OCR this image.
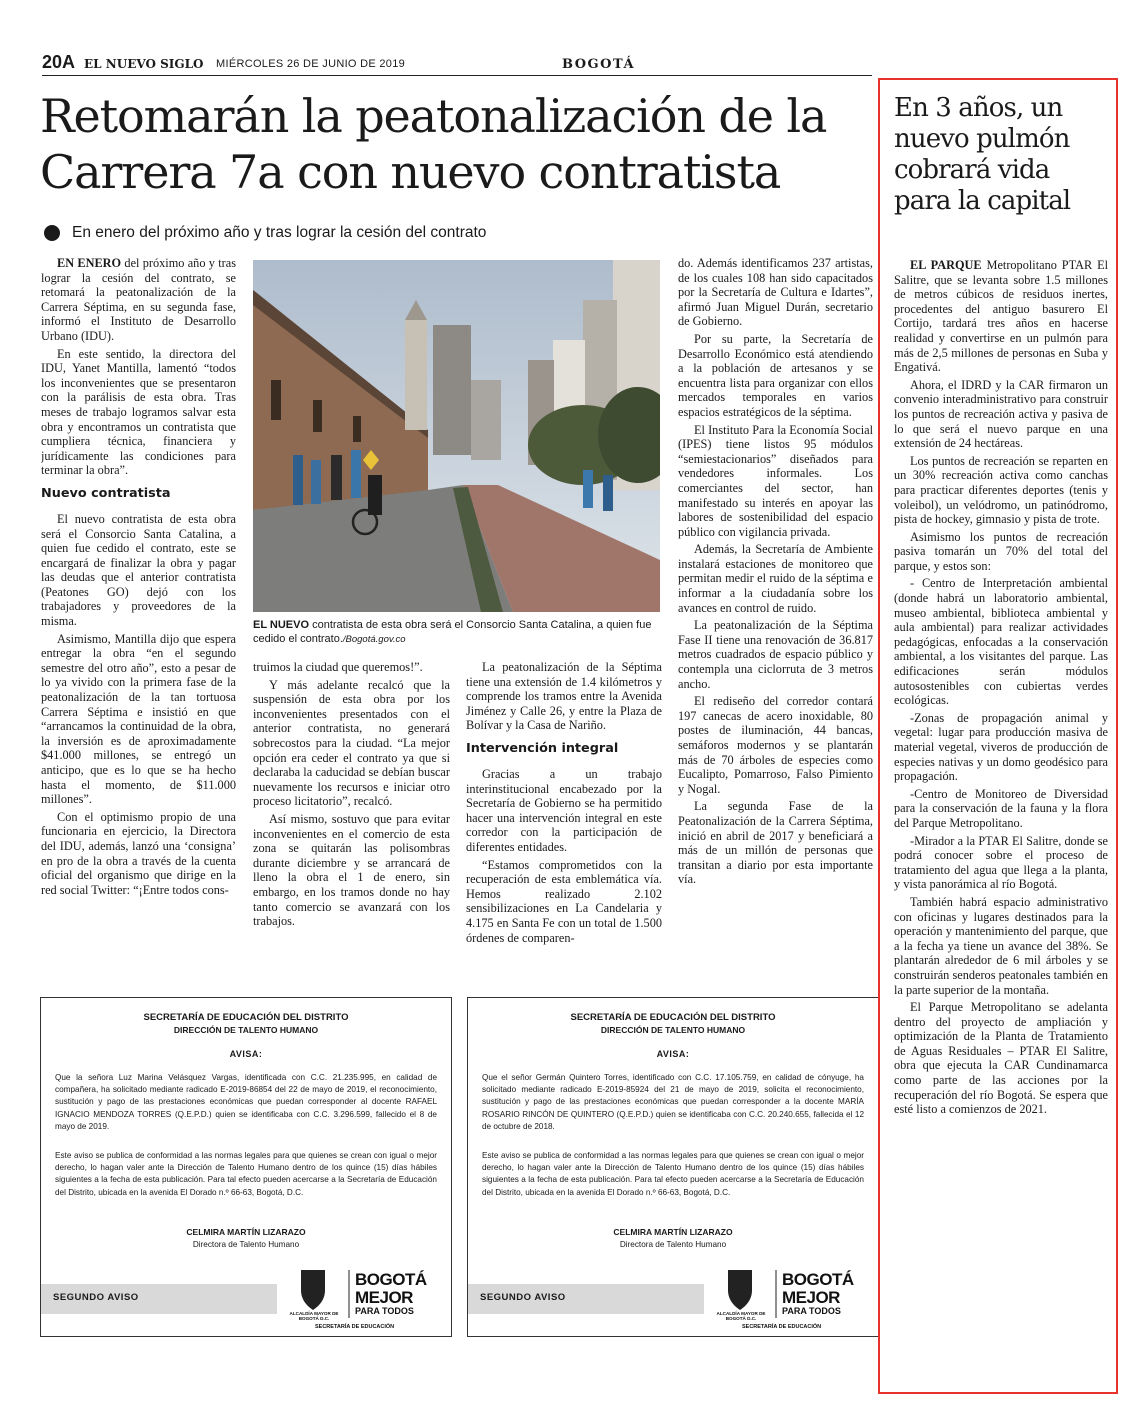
20A EL NUEVO SIGLO MIÉRCOLES 26 DE JUNIO DE 2019	BOGOTÁ
Retomarán la peatonalización de la Carrera 7a con nuevo contratista
En enero del próximo año y tras lograr la cesión del contrato

EN ENERO del próximo año y tras lograr la cesión del contrato, se retomará la peatonalización de la Carrera Séptima, en su segunda fase, informó el Instituto de Desarrollo Urbano (IDU).

En este sentido, la directora del IDU, Yanet Mantilla, lamentó “todos los inconvenientes que se presentaron con la parálisis de esta obra. Tras meses de trabajo logramos salvar esta obra y encontramos un contratista que cumpliera técnica, financiera y jurídicamente las condiciones para terminar la obra”.

Nuevo contratista

El nuevo contratista de esta obra será el Consorcio Santa Catalina, a quien fue cedido el contrato, este se encargará de finalizar la obra y pagar las deudas que el anterior contratista (Peatones GO) dejó con los trabajadores y proveedores de la misma.

Asimismo, Mantilla dijo que espera entregar la obra “en el segundo semestre del otro año”, esto a pesar de lo ya vivido con la primera fase de la peatonalización de la tan tortuosa Carrera Séptima e insistió en que “arrancamos la continuidad de la obra, la inversión es de aproximadamente $41.000 millones, se entregó un anticipo, que es lo que se ha hecho hasta el momento, de $11.000 millones”.

Con el optimismo propio de una funcionaria en ejercicio, la Directora del IDU, además, lanzó una ‘consigna’ en pro de la obra a través de la cuenta oficial del organismo que dirige en la red social Twitter: “¡Entre todos cons-

EL NUEVO contratista de esta obra será el Consorcio Santa Catalina, a quien fue cedido el contrato./Bogotá.gov.co

truimos la ciudad que queremos!”.

Y más adelante recalcó que la suspensión de esta obra por los inconvenientes presentados con el anterior contratista, no generará sobrecostos para la ciudad. “La mejor opción era ceder el contrato ya que si declaraba la caducidad se debían buscar nuevamente los recursos e iniciar otro proceso licitatorio”, recalcó.

Así mismo, sostuvo que para evitar inconvenientes en el comercio de esta zona se quitarán las polisombras durante diciembre y se arrancará de lleno la obra el 1 de enero, sin embargo, en los tramos donde no hay tanto comercio se avanzará con los trabajos.

La peatonalización de la Séptima tiene una extensión de 1.4 kilómetros y comprende los tramos entre la Avenida Jiménez y Calle 26, y entre la Plaza de Bolívar y la Casa de Nariño.

Intervención integral

Gracias a un trabajo interinstitucional encabezado por la Secretaría de Gobierno se ha permitido hacer una intervención integral en este corredor con la participación de diferentes entidades.

“Estamos comprometidos con la recuperación de esta emblemática vía. Hemos realizado 2.102 sensibilizaciones en La Candelaria y 4.175 en Santa Fe con un total de 1.500 órdenes de comparen-

do. Además identificamos 237 artistas, de los cuales 108 han sido capacitados por la Secretaría de Cultura e Idartes”, afirmó Juan Miguel Durán, secretario de Gobierno.

Por su parte, la Secretaría de Desarrollo Económico está atendiendo a la población de artesanos y se encuentra lista para organizar con ellos mercados temporales en varios espacios estratégicos de la séptima.

El Instituto Para la Economía Social (IPES) tiene listos 95 módulos “semiestacionarios” diseñados para vendedores informales. Los comerciantes del sector, han manifestado su interés en apoyar las labores de sostenibilidad del espacio público con vigilancia privada.

Además, la Secretaría de Ambiente instalará estaciones de monitoreo que permitan medir el ruido de la séptima e informar a la ciudadanía sobre los avances en control de ruido.

La peatonalización de la Séptima Fase II tiene una renovación de 36.817 metros cuadrados de espacio público y contempla una ciclorruta de 3 metros ancho.

El rediseño del corredor contará 197 canecas de acero inoxidable, 80 postes de iluminación, 44 bancas, semáforos modernos y se plantarán más de 70 árboles de especies como Eucalipto, Pomarroso, Falso Pimiento y Nogal.

La segunda Fase de la Peatonalización de la Carrera Séptima, inició en abril de 2017 y beneficiará a más de un millón de personas que transitan a diario por esta importante vía.

SECRETARÍA DE EDUCACIÓN DEL DISTRITO
DIRECCIÓN DE TALENTO HUMANO
AVISA:
Que la señora Luz Marina Velásquez Vargas, identificada con C.C. 21.235.995, en calidad de compañera, ha solicitado mediante radicado E-2019-86854 del 22 de mayo de 2019, el reconocimiento, sustitución y pago de las prestaciones económicas que puedan corresponder al docente RAFAEL IGNACIO MENDOZA TORRES (Q.E.P.D.) quien se identificaba con C.C. 3.296.599, fallecido el 8 de mayo de 2019.
Este aviso se publica de conformidad a las normas legales para que quienes se crean con igual o mejor derecho, lo hagan valer ante la Dirección de Talento Humano dentro de los quince (15) días hábiles siguientes a la fecha de esta publicación. Para tal efecto pueden acercarse a la Secretaría de Educación del Distrito, ubicada en la avenida El Dorado n.º 66-63, Bogotá, D.C.
CELMIRA MARTÍN LIZARAZO
Directora de Talento Humano
SEGUNDO AVISO
ALCALDÍA MAYOR DE BOGOTÁ D.C.
SECRETARÍA DE EDUCACIÓN
BOGOTÁ
MEJOR
PARA TODOS
SECRETARÍA DE EDUCACIÓN DEL DISTRITO
DIRECCIÓN DE TALENTO HUMANO
AVISA:
Que el señor Germán Quintero Torres, identificado con C.C. 17.105.759, en calidad de cónyuge, ha solicitado mediante radicado E-2019-85924 del 21 de mayo de 2019, solicita el reconocimiento, sustitución y pago de las prestaciones económicas que puedan corresponder a la docente MARÍA ROSARIO RINCÓN DE QUINTERO (Q.E.P.D.) quien se identificaba con C.C. 20.240.655, fallecida el 12 de octubre de 2018.
Este aviso se publica de conformidad a las normas legales para que quienes se crean con igual o mejor derecho, lo hagan valer ante la Dirección de Talento Humano dentro de los quince (15) días hábiles siguientes a la fecha de esta publicación. Para tal efecto pueden acercarse a la Secretaría de Educación del Distrito, ubicada en la avenida El Dorado n.º 66-63, Bogotá, D.C.
CELMIRA MARTÍN LIZARAZO
Directora de Talento Humano
SEGUNDO AVISO
ALCALDÍA MAYOR DE BOGOTÁ D.C.
SECRETARÍA DE EDUCACIÓN
BOGOTÁ
MEJOR
PARA TODOS
En 3 años, un nuevo pulmón cobrará vida para la capital

EL PARQUE Metropolitano PTAR El Salitre, que se levanta sobre 1.5 millones de metros cúbicos de residuos inertes, procedentes del antiguo basurero El Cortijo, tardará tres años en hacerse realidad y convertirse en un pulmón para más de 2,5 millones de personas en Suba y Engativá.

Ahora, el IDRD y la CAR firmaron un convenio interadministrativo para construir los puntos de recreación activa y pasiva de lo que será el nuevo parque en una extensión de 24 hectáreas.

Los puntos de recreación se reparten en un 30% recreación activa como canchas para practicar diferentes deportes (tenis y voleibol), un velódromo, un patinódromo, pista de hockey, gimnasio y pista de trote.

Asimismo los puntos de recreación pasiva tomarán un 70% del total del parque, y estos son:

- Centro de Interpretación ambiental (donde habrá un laboratorio ambiental, museo ambiental, biblioteca ambiental y aula ambiental) para realizar actividades pedagógicas, enfocadas a la conservación ambiental, a los visitantes del parque. Las edificaciones serán módulos autosostenibles con cubiertas verdes ecológicas.

-Zonas de propagación animal y vegetal: lugar para producción masiva de material vegetal, viveros de producción de especies nativas y un domo geodésico para propagación.

-Centro de Monitoreo de Diversidad para la conservación de la fauna y la flora del Parque Metropolitano.

-Mirador a la PTAR El Salitre, donde se podrá conocer sobre el proceso de tratamiento del agua que llega a la planta, y vista panorámica al río Bogotá.

También habrá espacio administrativo con oficinas y lugares destinados para la operación y mantenimiento del parque, que a la fecha ya tiene un avance del 38%. Se plantarán alrededor de 6 mil árboles y se construirán senderos peatonales también en la parte superior de la montaña.

El Parque Metropolitano se adelanta dentro del proyecto de ampliación y optimización de la Planta de Tratamiento de Aguas Residuales – PTAR El Salitre, obra que ejecuta la CAR Cundinamarca como parte de las acciones por la recuperación del río Bogotá. Se espera que esté listo a comienzos de 2021.
